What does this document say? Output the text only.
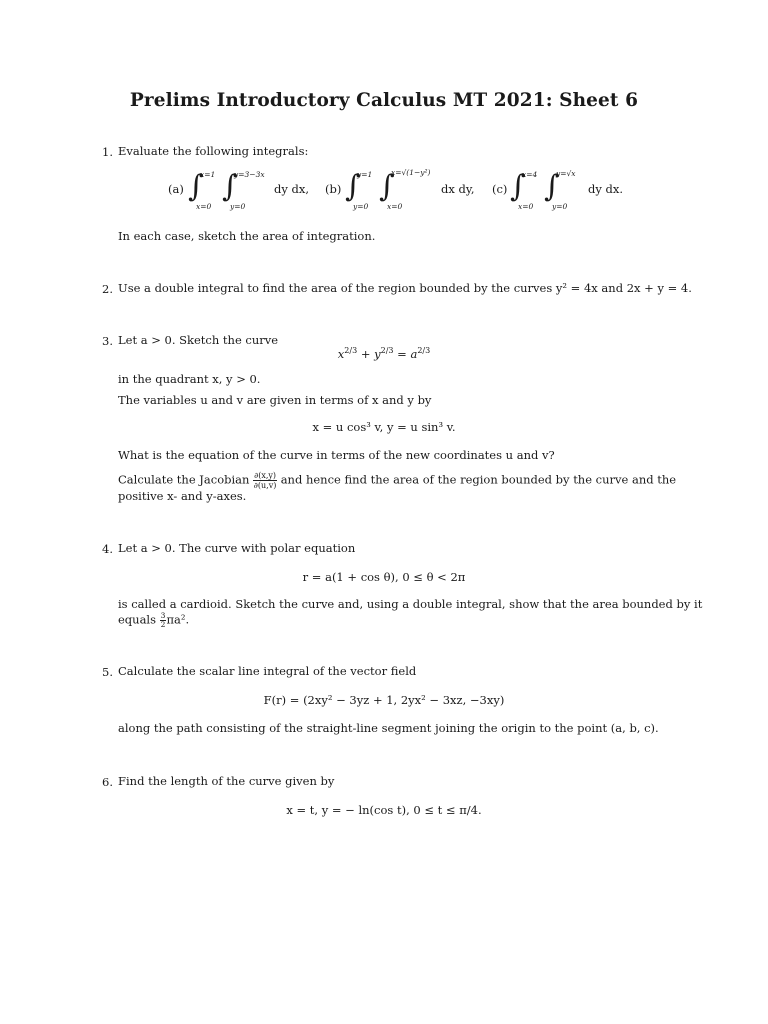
Prelims Introductory Calculus MT 2021: Sheet 6
1. Evaluate the following integrals:
(a) ∫
x=1
x=0
∫
y=3−3x
y=0
dy dx, (b) ∫
y=1
y=0
∫
x=√(1−y²)
x=0
dx dy, (c) ∫
x=4
x=0
∫
y=√x
y=0
dy dx.
In each case, sketch the area of integration.
2. Use a double integral to find the area of the region bounded by the curves y² = 4x and 2x + y = 4.
3. Let a > 0. Sketch the curve
$x^{2/3} + y^{2/3} = a^{2/3}$
in the quadrant x, y > 0.
The variables u and v are given in terms of x and y by
x = u cos³ v, y = u sin³ v.
What is the equation of the curve in terms of the new coordinates u and v?
Calculate the Jacobian $\frac{\partial(x,y)}{\partial(u,v)}$ and hence find the area of the region bounded by the curve and the
positive x- and y-axes.
4. Let a > 0. The curve with polar equation
r = a(1 + cos θ), 0 ≤ θ < 2π
is called a cardioid. Sketch the curve and, using a double integral, show that the area bounded by it
equals $\frac{3}{2} \pi a^2$.
5. Calculate the scalar line integral of the vector field
F(r) = (2xy² − 3yz + 1, 2yx² − 3xz, −3xy)
along the path consisting of the straight-line segment joining the origin to the point (a, b, c).
6. Find the length of the curve given by
x = t, y = − ln(cos t), 0 ≤ t ≤ π/4.
